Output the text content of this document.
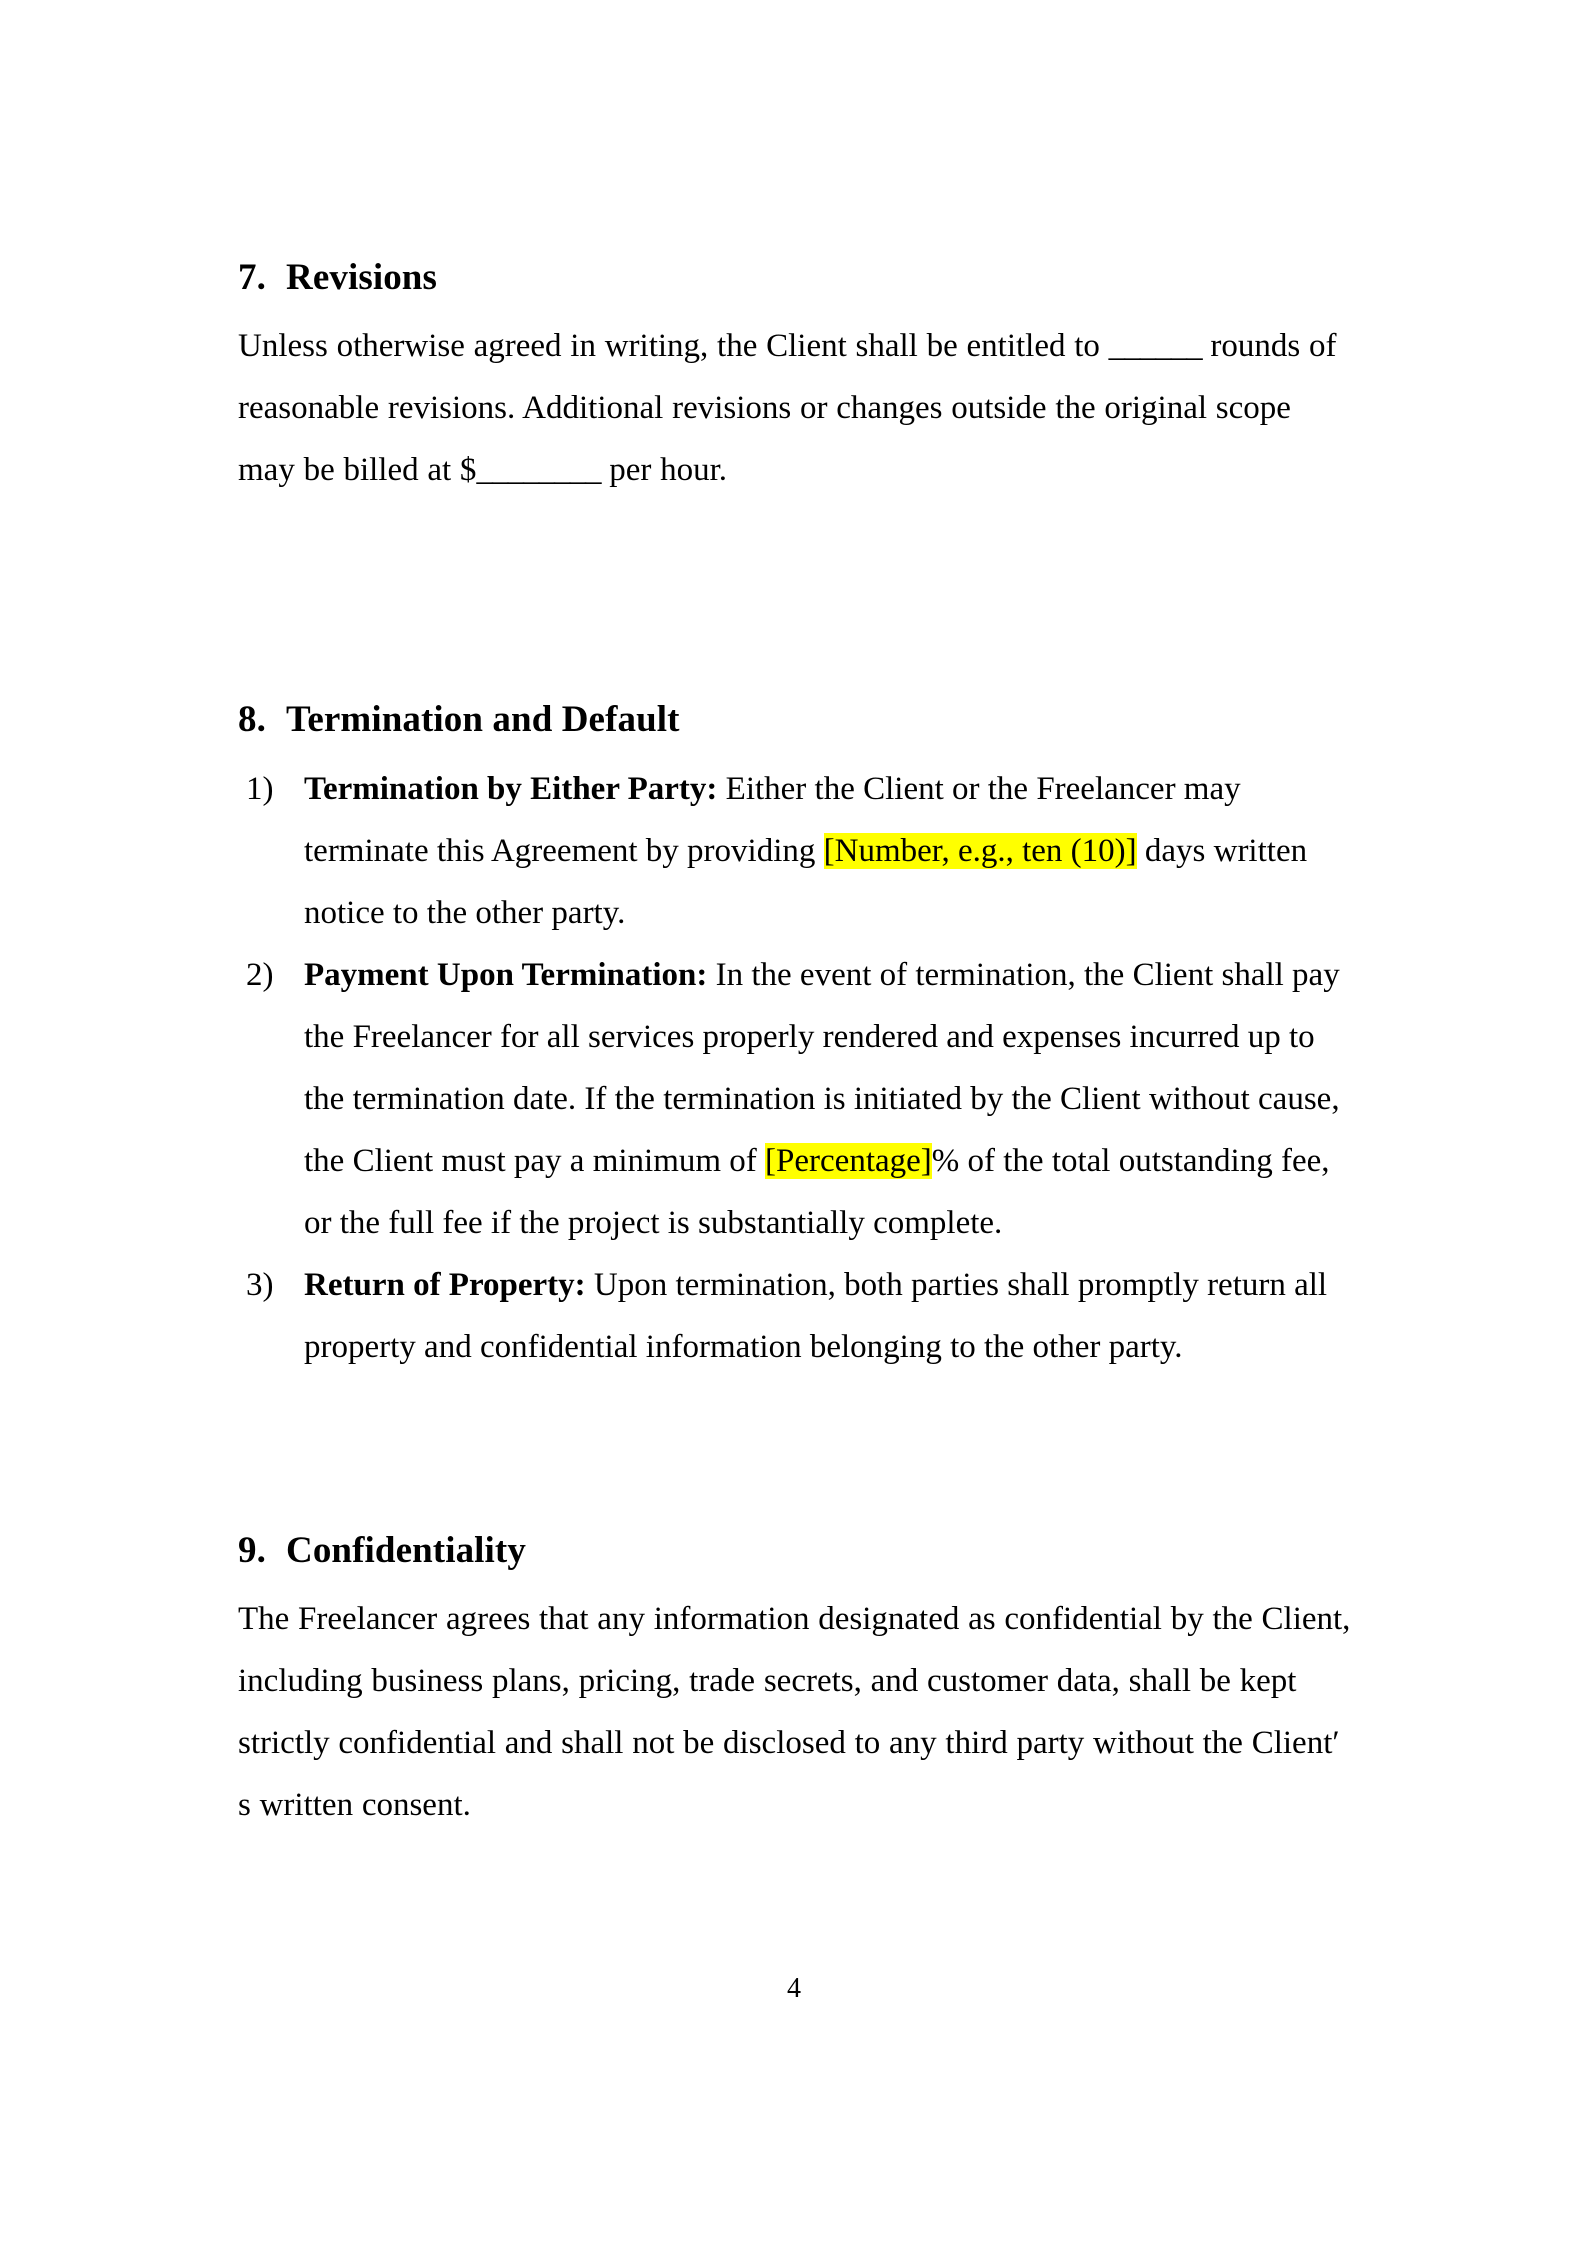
7. Revisions

Unless otherwise agreed in writing, the Client shall be entitled to ______ rounds of reasonable revisions. Additional revisions or changes outside the original scope may be billed at $________ per hour.

8. Termination and Default
1) Termination by Either Party: Either the Client or the Freelancer may terminate this Agreement by providing [Number, e.g., ten (10)] days written notice to the other party.
2) Payment Upon Termination: In the event of termination, the Client shall pay the Freelancer for all services properly rendered and expenses incurred up to the termination date. If the termination is initiated by the Client without cause, the Client must pay a minimum of [Percentage]% of the total outstanding fee, or the full fee if the project is substantially complete.
3) Return of Property: Upon termination, both parties shall promptly return all property and confidential information belonging to the other party.
9. Confidentiality

The Freelancer agrees that any information designated as confidential by the Client, including business plans, pricing, trade secrets, and customer data, shall be kept strictly confidential and shall not be disclosed to any third party without the Client′ s written consent.

4
